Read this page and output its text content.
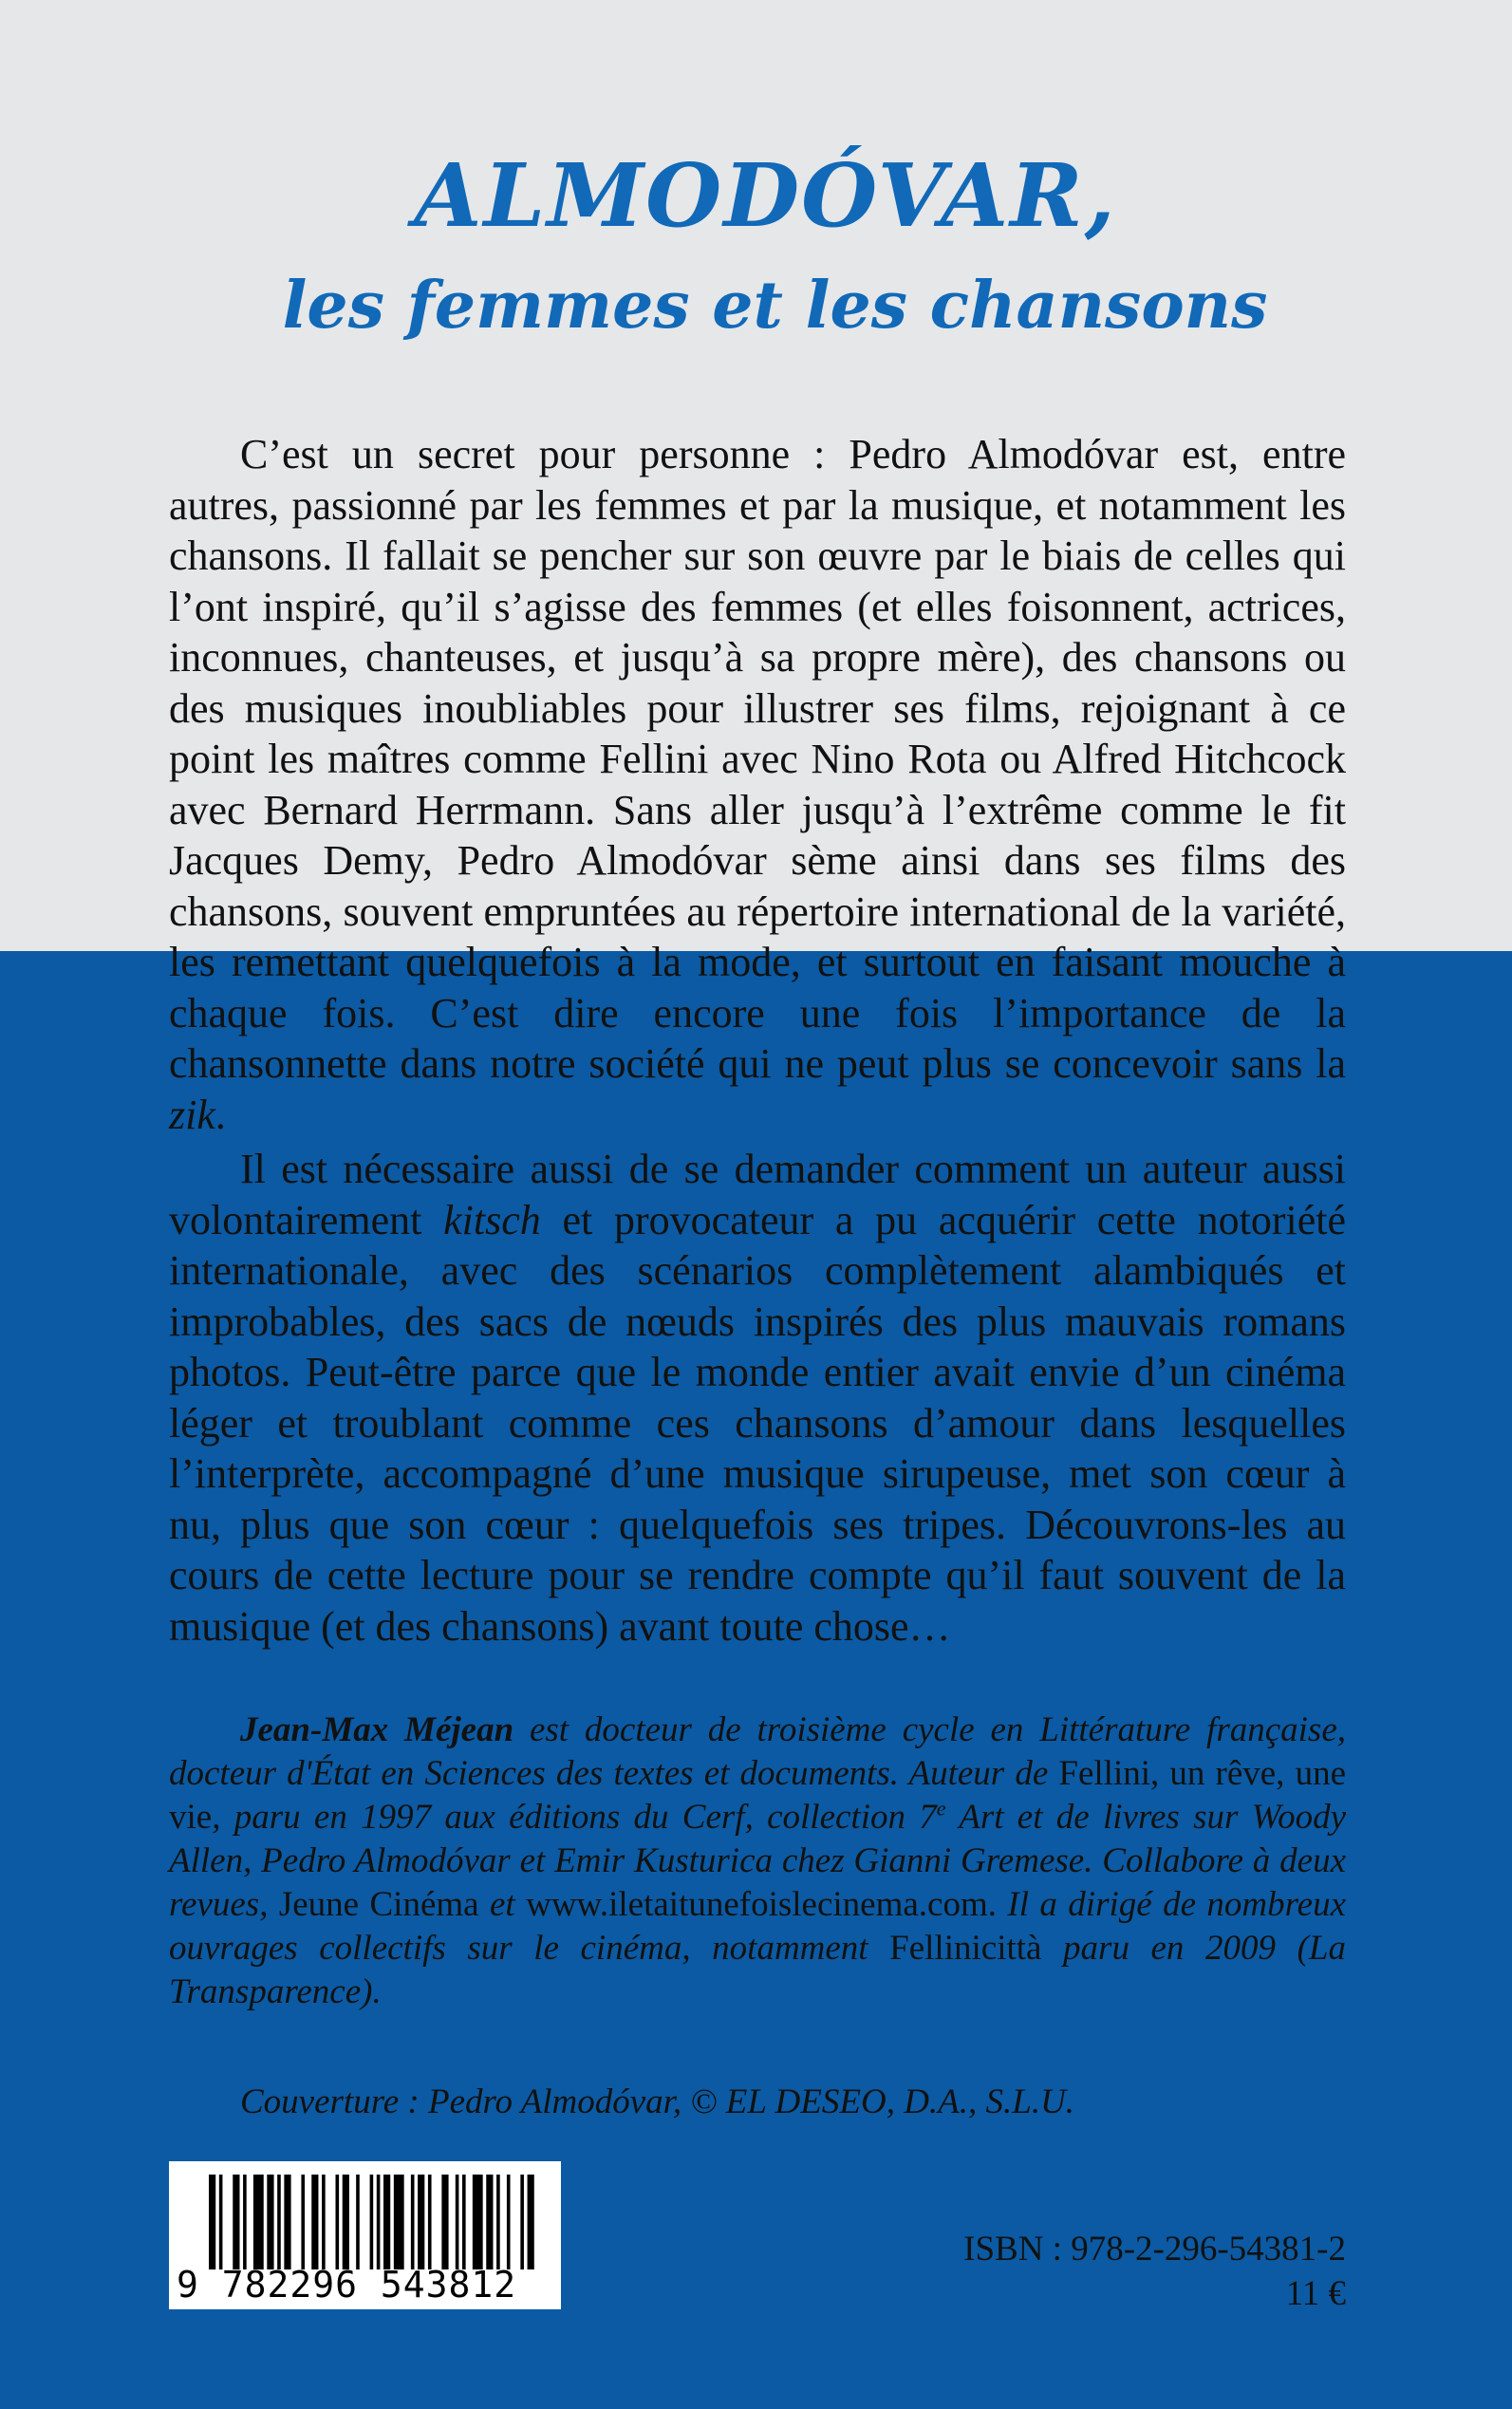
ALMODÓVAR,
les femmes et les chansons

C’est un secret pour personne : Pedro Almodóvar est, entre autres, passionné par les femmes et par la musique, et notamment les chansons. Il fallait se pencher sur son œuvre par le biais de celles qui l’ont inspiré, qu’il s’agisse des femmes (et elles foisonnent, actrices, inconnues, chanteuses, et jusqu’à sa propre mère), des chansons ou des musiques inoubliables pour illustrer ses films, rejoignant à ce point les maîtres comme Fellini avec Nino Rota ou Alfred Hitchcock avec Bernard Herrmann. Sans aller jusqu’à l’extrême comme le fit Jacques Demy, Pedro Almodóvar sème ainsi dans ses films des chansons, souvent empruntées au répertoire international de la variété, les remettant quelquefois à la mode, et surtout en faisant mouche à chaque fois. C’est dire encore une fois l’importance de la chansonnette dans notre société qui ne peut plus se concevoir sans la zik.

Il est nécessaire aussi de se demander comment un auteur aussi volontairement kitsch et provocateur a pu acquérir cette notoriété internationale, avec des scénarios complètement alambiqués et improbables, des sacs de nœuds inspirés des plus mauvais romans photos. Peut-être parce que le monde entier avait envie d’un cinéma léger et troublant comme ces chansons d’amour dans lesquelles l’interprète, accompagné d’une musique sirupeuse, met son cœur à nu, plus que son cœur : quelquefois ses tripes. Découvrons-les au cours de cette lecture pour se rendre compte qu’il faut souvent de la musique (et des chansons) avant toute chose…

Jean-Max Méjean est docteur de troisième cycle en Littérature française, docteur d'État en Sciences des textes et documents. Auteur de Fellini, un rêve, une vie, paru en 1997 aux éditions du Cerf, collection 7e Art et de livres sur Woody Allen, Pedro Almodóvar et Emir Kusturica chez Gianni Gremese. Collabore à deux revues, Jeune Cinéma et www.iletaitunefoislecinema.com. Il a dirigé de nombreux ouvrages collectifs sur le cinéma, notamment Fellinicittà paru en 2009 (La Transparence).

Couverture : Pedro Almodóvar, © EL DESEO, D.A., S.L.U.

9 782296 543812

ISBN : 978-2-296-54381-2

11 €
